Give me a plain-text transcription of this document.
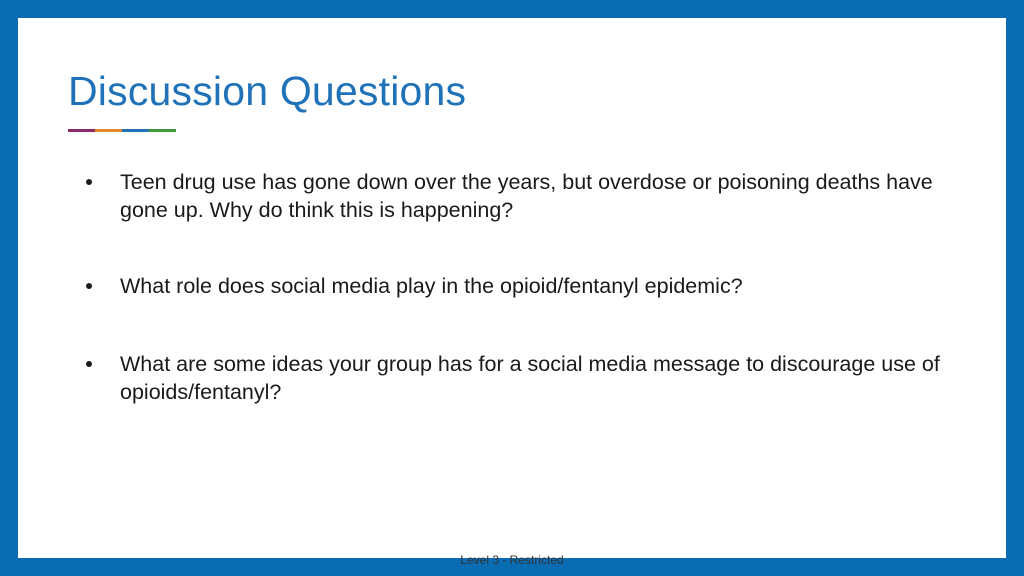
Discussion Questions
Teen drug use has gone down over the years, but overdose or poisoning deaths have gone up. Why do think this is happening?
What role does social media play in the opioid/fentanyl epidemic?
What are some ideas your group has for a social media message to discourage use of opioids/fentanyl?
Level 3 - Restricted
